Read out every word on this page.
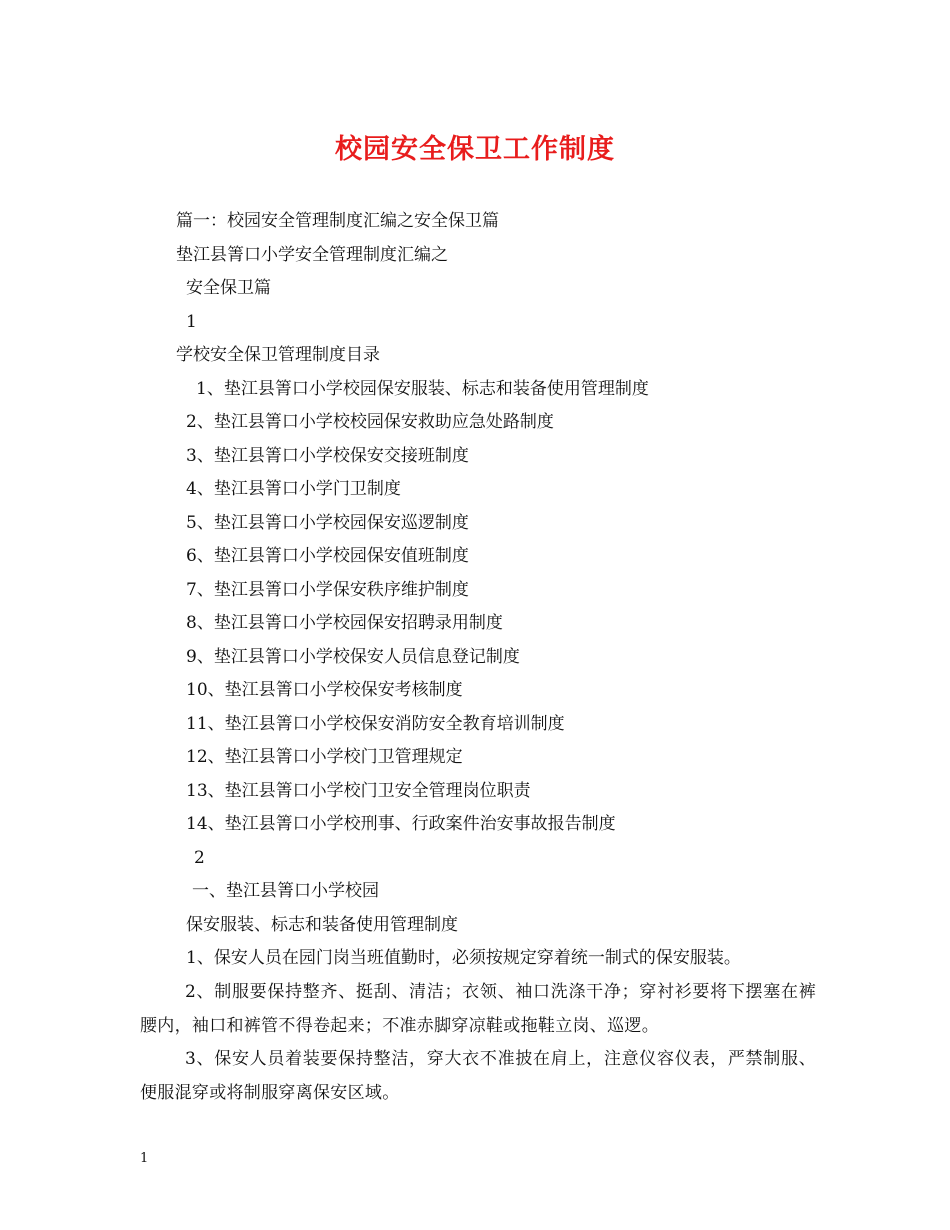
校园安全保卫工作制度
篇一：校园安全管理制度汇编之安全保卫篇
垫江县箐口小学安全管理制度汇编之
安全保卫篇
1
学校安全保卫管理制度目录
1、垫江县箐口小学校园保安服装、标志和装备使用管理制度
2、垫江县箐口小学校校园保安救助应急处路制度
3、垫江县箐口小学校保安交接班制度
4、垫江县箐口小学门卫制度
5、垫江县箐口小学校园保安巡逻制度
6、垫江县箐口小学校园保安值班制度
7、垫江县箐口小学保安秩序维护制度
8、垫江县箐口小学校园保安招聘录用制度
9、垫江县箐口小学校保安人员信息登记制度
10、垫江县箐口小学校保安考核制度
11、垫江县箐口小学校保安消防安全教育培训制度
12、垫江县箐口小学校门卫管理规定
13、垫江县箐口小学校门卫安全管理岗位职责
14、垫江县箐口小学校刑事、行政案件治安事故报告制度
2
一、垫江县箐口小学校园
保安服装、标志和装备使用管理制度
1、保安人员在园门岗当班值勤时，必须按规定穿着统一制式的保安服装。
2、制服要保持整齐、挺刮、清洁；衣领、袖口洗涤干净；穿衬衫要将下摆塞在裤腰内，袖口和裤管不得卷起来；不准赤脚穿凉鞋或拖鞋立岗、巡逻。
3、保安人员着装要保持整洁，穿大衣不准披在肩上，注意仪容仪表，严禁制服、便服混穿或将制服穿离保安区域。
1
